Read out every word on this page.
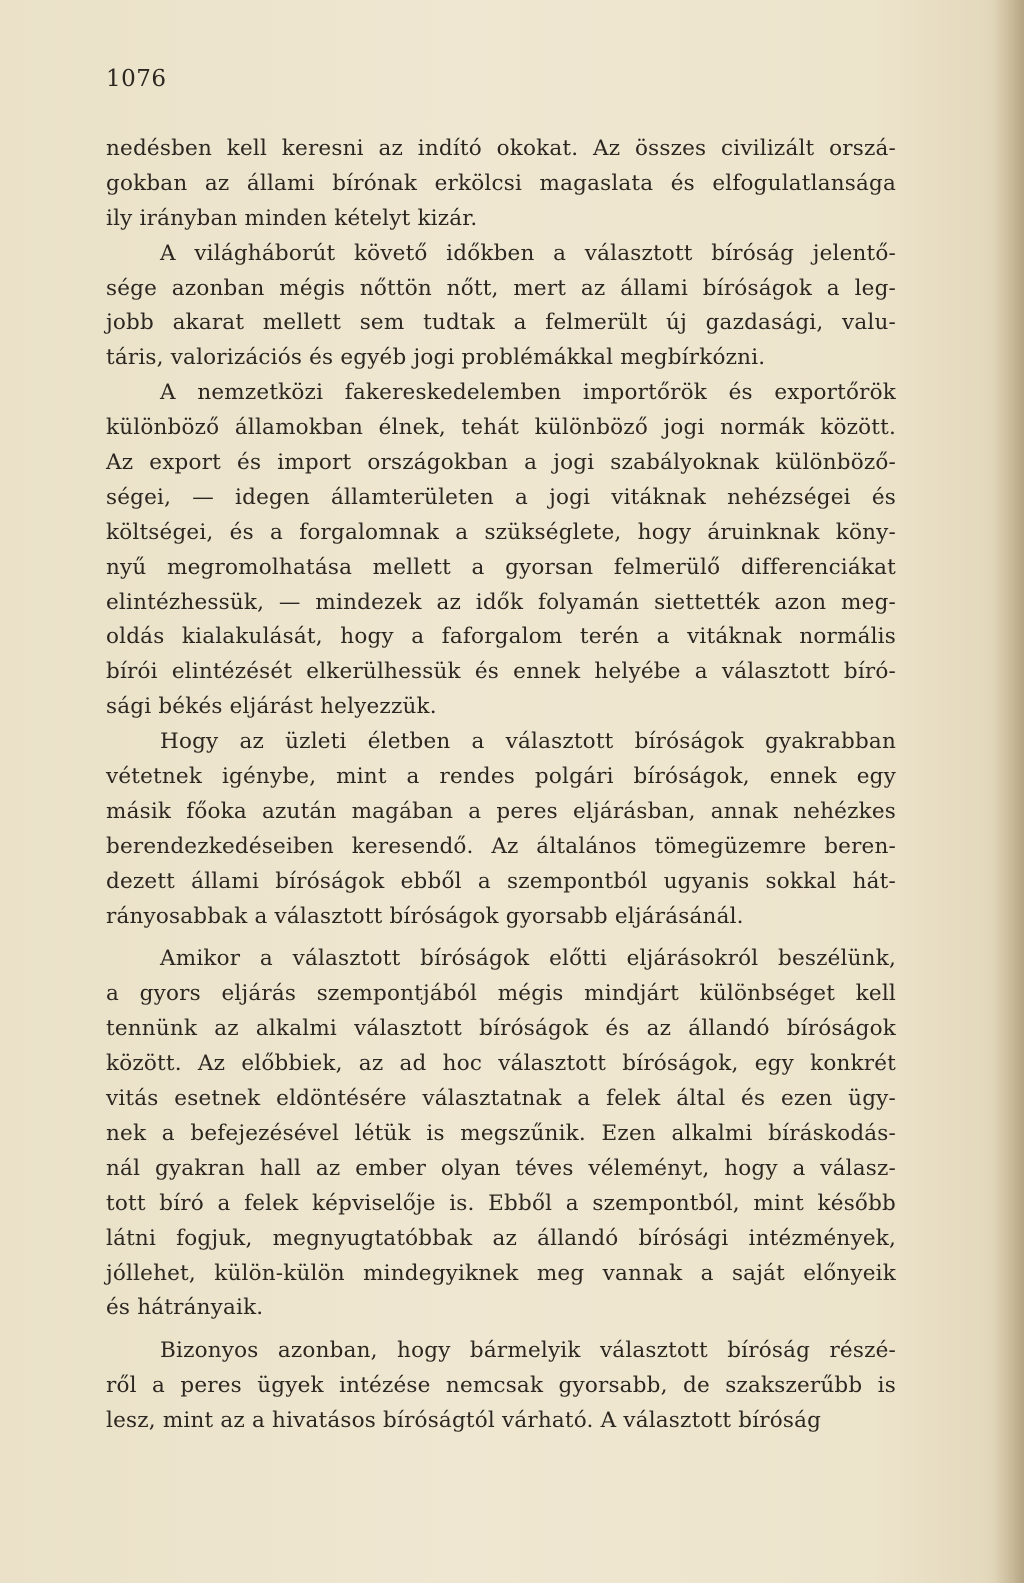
1076
nedésben kell keresni az indító okokat. Az összes civilizált orszá-
gokban az állami bírónak erkölcsi magaslata és elfogulatlansága
ily irányban minden kételyt kizár.
A világháborút követő időkben a választott bíróság jelentő-
sége azonban mégis nőttön nőtt, mert az állami bíróságok a leg-
jobb akarat mellett sem tudtak a felmerült új gazdasági, valu-
táris, valorizációs és egyéb jogi problémákkal megbírkózni.
A nemzetközi fakereskedelemben importőrök és exportőrök
különböző államokban élnek, tehát különböző jogi normák között.
Az export és import országokban a jogi szabályoknak különböző-
ségei, — idegen államterületen a jogi vitáknak nehézségei és
költségei, és a forgalomnak a szükséglete, hogy áruinknak köny-
nyű megromolhatása mellett a gyorsan felmerülő differenciákat
elintézhessük, — mindezek az idők folyamán siettették azon meg-
oldás kialakulását, hogy a faforgalom terén a vitáknak normális
bírói elintézését elkerülhessük és ennek helyébe a választott bíró-
sági békés eljárást helyezzük.
Hogy az üzleti életben a választott bíróságok gyakrabban
vétetnek igénybe, mint a rendes polgári bíróságok, ennek egy
másik főoka azután magában a peres eljárásban, annak nehézkes
berendezkedéseiben keresendő. Az általános tömegüzemre beren-
dezett állami bíróságok ebből a szempontból ugyanis sokkal hát-
rányosabbak a választott bíróságok gyorsabb eljárásánál.
Amikor a választott bíróságok előtti eljárásokról beszélünk,
a gyors eljárás szempontjából mégis mindjárt különbséget kell
tennünk az alkalmi választott bíróságok és az állandó bíróságok
között. Az előbbiek, az ad hoc választott bíróságok, egy konkrét
vitás esetnek eldöntésére választatnak a felek által és ezen ügy-
nek a befejezésével létük is megszűnik. Ezen alkalmi bíráskodás-
nál gyakran hall az ember olyan téves véleményt, hogy a válasz-
tott bíró a felek képviselője is. Ebből a szempontból, mint később
látni fogjuk, megnyugtatóbbak az állandó bírósági intézmények,
jóllehet, külön-külön mindegyiknek meg vannak a saját előnyeik
és hátrányaik.
Bizonyos azonban, hogy bármelyik választott bíróság részé-
ről a peres ügyek intézése nemcsak gyorsabb, de szakszerűbb is
lesz, mint az a hivatásos bíróságtól várható. A választott bíróság
